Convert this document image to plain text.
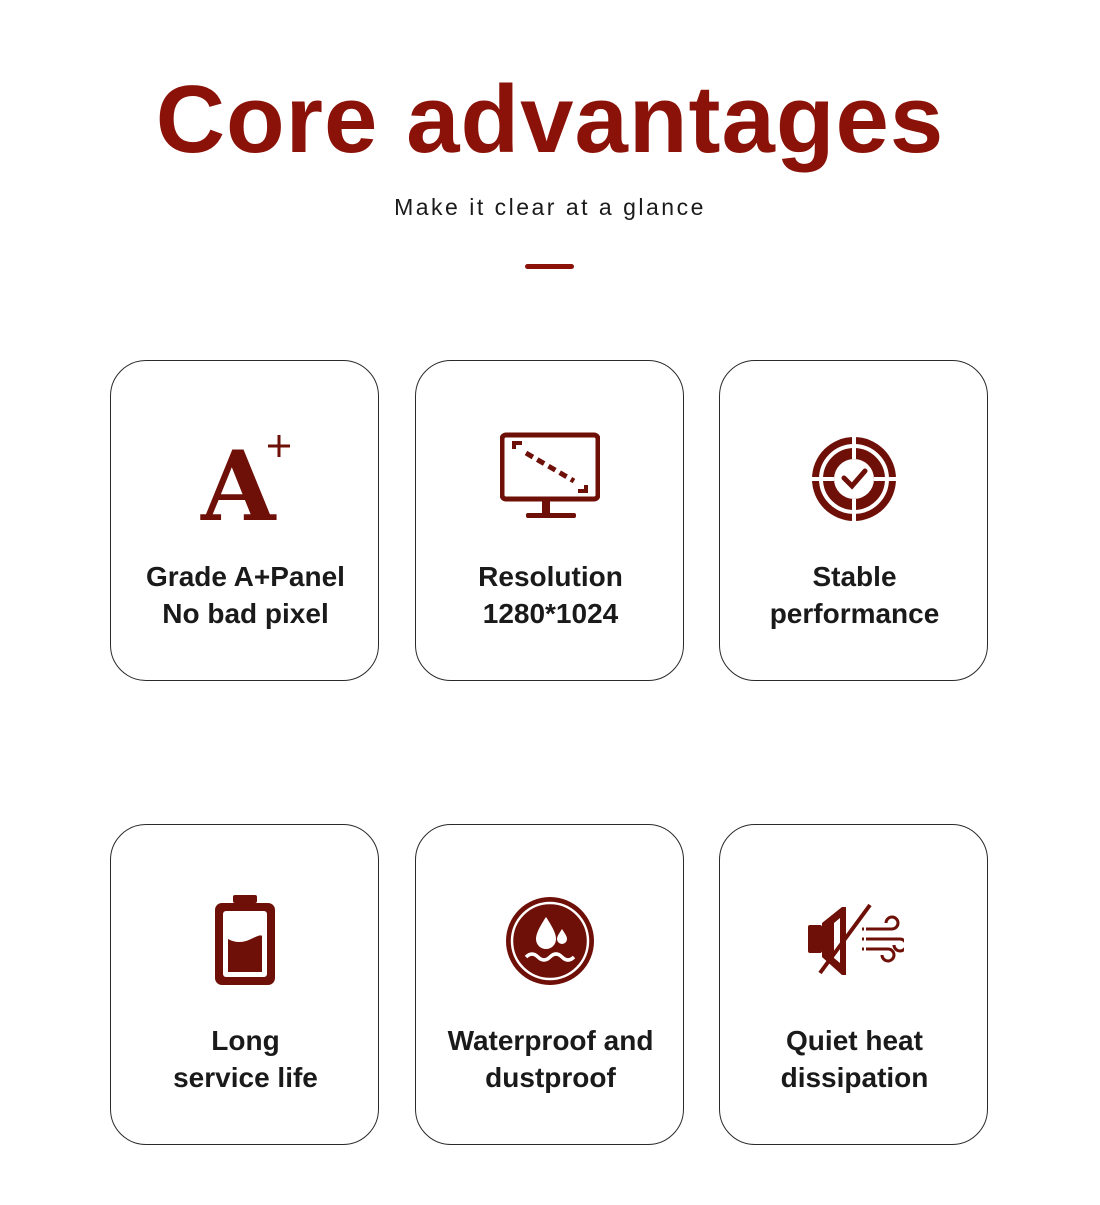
Core advantages

Make it clear at a glance

A
Grade A+Panel
No bad pixel
Resolution
1280*1024
Stable
performance
Long
service life
Waterproof and
dustproof
Quiet heat
dissipation
